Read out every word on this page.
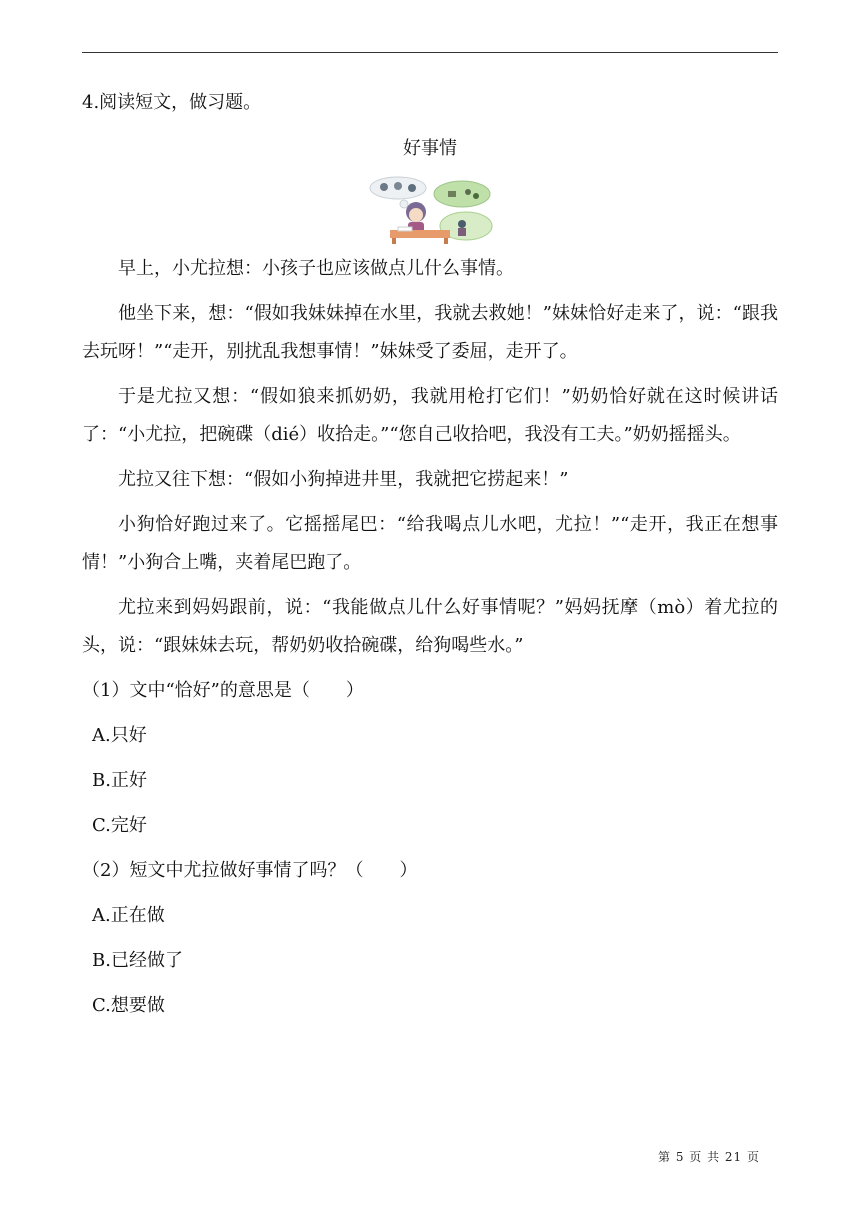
4.阅读短文，做习题。

好事情

早上，小尤拉想：小孩子也应该做点儿什么事情。

他坐下来，想：“假如我妹妹掉在水里，我就去救她！”妹妹恰好走来了，说：“跟我去玩呀！”“走开，别扰乱我想事情！”妹妹受了委屈，走开了。

于是尤拉又想：“假如狼来抓奶奶，我就用枪打它们！”奶奶恰好就在这时候讲话了：“小尤拉，把碗碟（dié）收拾走。”“您自己收拾吧，我没有工夫。”奶奶摇摇头。

尤拉又往下想：“假如小狗掉进井里，我就把它捞起来！”

小狗恰好跑过来了。它摇摇尾巴：“给我喝点儿水吧，尤拉！”“走开，我正在想事情！”小狗合上嘴，夹着尾巴跑了。

尤拉来到妈妈跟前，说：“我能做点儿什么好事情呢？”妈妈抚摩（mò）着尤拉的头，说：“跟妹妹去玩，帮奶奶收拾碗碟，给狗喝些水。”

（1）文中“恰好”的意思是（　　）

A.只好

B.正好

C.完好

（2）短文中尤拉做好事情了吗？（　　）

A.正在做

B.已经做了

C.想要做

第 5 页 共 21 页
